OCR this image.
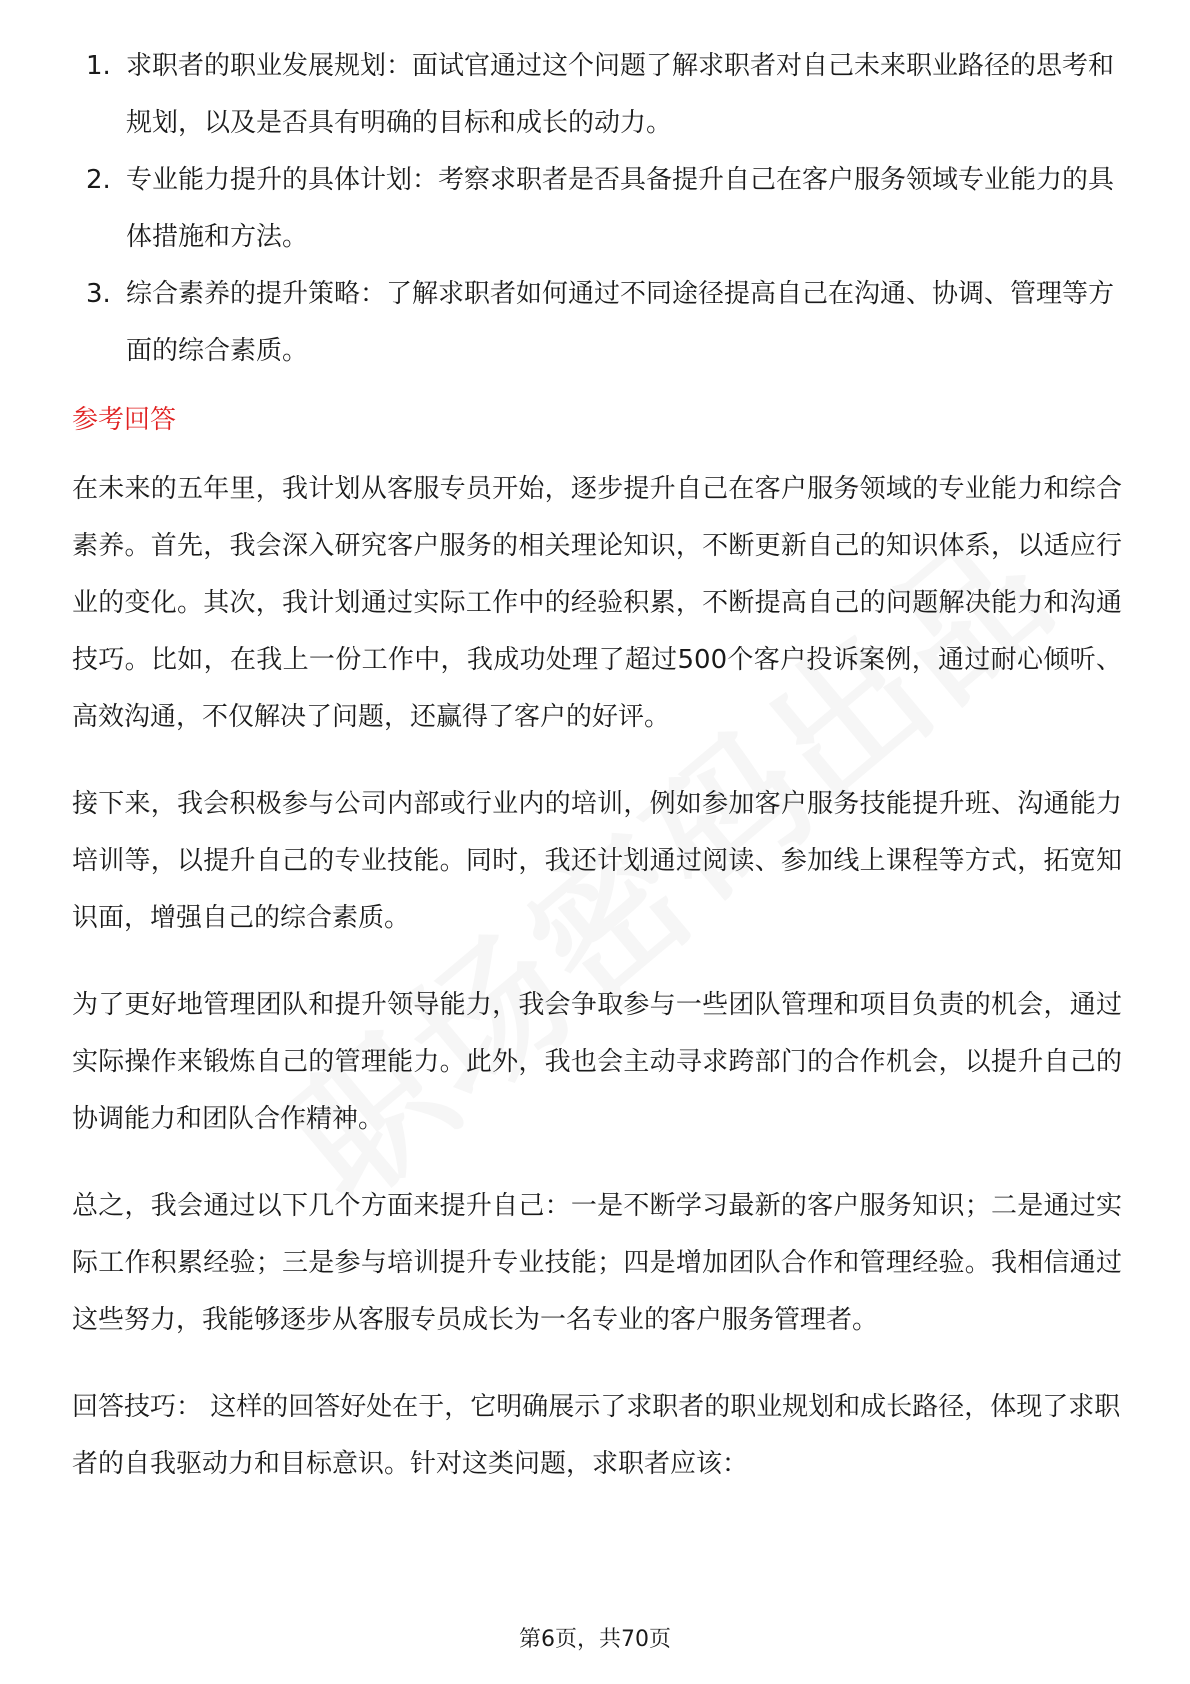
1. 求职者的职业发展规划：面试官通过这个问题了解求职者对自己未来职业路径的思考和规划，以及是否具有明确的目标和成长的动力。
2. 专业能力提升的具体计划：考察求职者是否具备提升自己在客户服务领域专业能力的具体措施和方法。
3. 综合素养的提升策略：了解求职者如何通过不同途径提高自己在沟通、协调、管理等方面的综合素质。
参考回答

在未来的五年里，我计划从客服专员开始，逐步提升自己在客户服务领域的专业能力和综合素养。首先，我会深入研究客户服务的相关理论知识，不断更新自己的知识体系，以适应行业的变化。其次，我计划通过实际工作中的经验积累，不断提高自己的问题解决能力和沟通技巧。比如，在我上一份工作中，我成功处理了超过500个客户投诉案例，通过耐心倾听、高效沟通，不仅解决了问题，还赢得了客户的好评。

接下来，我会积极参与公司内部或行业内的培训，例如参加客户服务技能提升班、沟通能力培训等，以提升自己的专业技能。同时，我还计划通过阅读、参加线上课程等方式，拓宽知识面，增强自己的综合素质。

为了更好地管理团队和提升领导能力，我会争取参与一些团队管理和项目负责的机会，通过实际操作来锻炼自己的管理能力。此外，我也会主动寻求跨部门的合作机会，以提升自己的协调能力和团队合作精神。

总之，我会通过以下几个方面来提升自己：一是不断学习最新的客户服务知识；二是通过实际工作积累经验；三是参与培训提升专业技能；四是增加团队合作和管理经验。我相信通过这些努力，我能够逐步从客服专员成长为一名专业的客户服务管理者。

回答技巧： 这样的回答好处在于，它明确展示了求职者的职业规划和成长路径，体现了求职者的自我驱动力和目标意识。针对这类问题，求职者应该：

第6页，共70页
